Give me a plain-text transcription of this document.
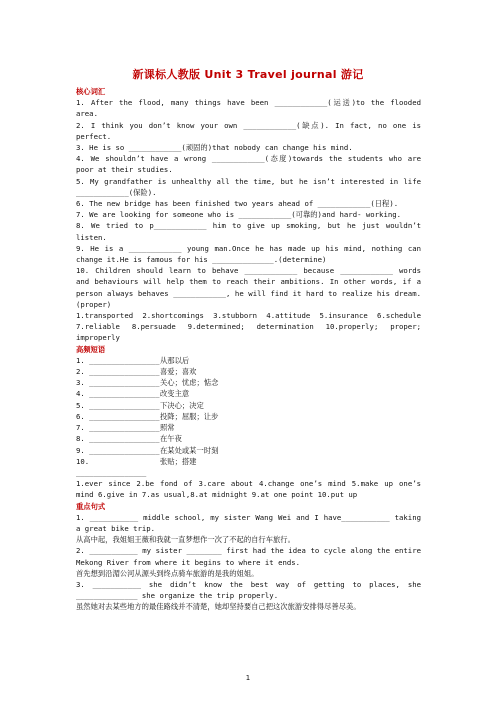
新课标人教版 Unit 3 Travel journal 游记

核心词汇

1. After the flood, many things have been ____________(运送)to the flooded area.

2. I think you don’t know your own ____________(缺点). In fact, no one is perfect.

3. He is so ____________(顽固的)that nobody can change his mind.

4. We shouldn’t have a wrong ____________(态度)towards the students who are poor at their studies.

5. My grandfather is unhealthy all the time, but he isn’t interested in life ____________(保险).

6. The new bridge has been finished two years ahead of ____________(日程).

7. We are looking for someone who is ____________(可靠的)and hard- working.

8. We tried to p____________ him to give up smoking, but he just wouldn’t listen.

9. He is a ____________ young man.Once he has made up his mind, nothing can change it.He is famous for his ______________.(determine)

10. Children should learn to behave ____________ because ____________ words and behaviours will help them to reach their ambitions. In other words, if a person always behaves ____________, he will find it hard to realize his dream.(proper)

1.transported 2.shortcomings 3.stubborn 4.attitude 5.insurance 6.schedule 7.reliable 8.persuade 9.determined; determination 10.properly; proper; improperly

高频短语

1. ________________ 从那以后
2. ________________ 喜爱；喜欢
3. ________________ 关心；忧虑；惦念
4. ________________ 改变主意
5. ________________ 下决心；决定
6. ________________ 投降；屈服；让步
7. ________________ 照常
8. ________________ 在午夜
9. ________________ 在某处或某一时刻
10. ________________
张贴；搭建

1.ever since 2.be fond of 3.care about 4.change one’s mind 5.make up one’s mind 6.give in 7.as usual,8.at midnight 9.at one point 10.put up

重点句式

1. ___________ middle school, my sister Wang Wei and I have___________ taking a great bike trip.

从高中起，我姐姐王薇和我就一直梦想作一次了不起的自行车旅行。

2. ___________ my sister ________ first had the idea to cycle along the entire Mekong River from where it begins to where it ends.

首先想到沿湄公河从源头到终点骑车旅游的是我的姐姐。

3. ___________ she didn’t know the best way of getting to places, she ______________ she organize the trip properly.

虽然她对去某些地方的最佳路线并不清楚，她却坚持要自己把这次旅游安排得尽善尽美。

1
